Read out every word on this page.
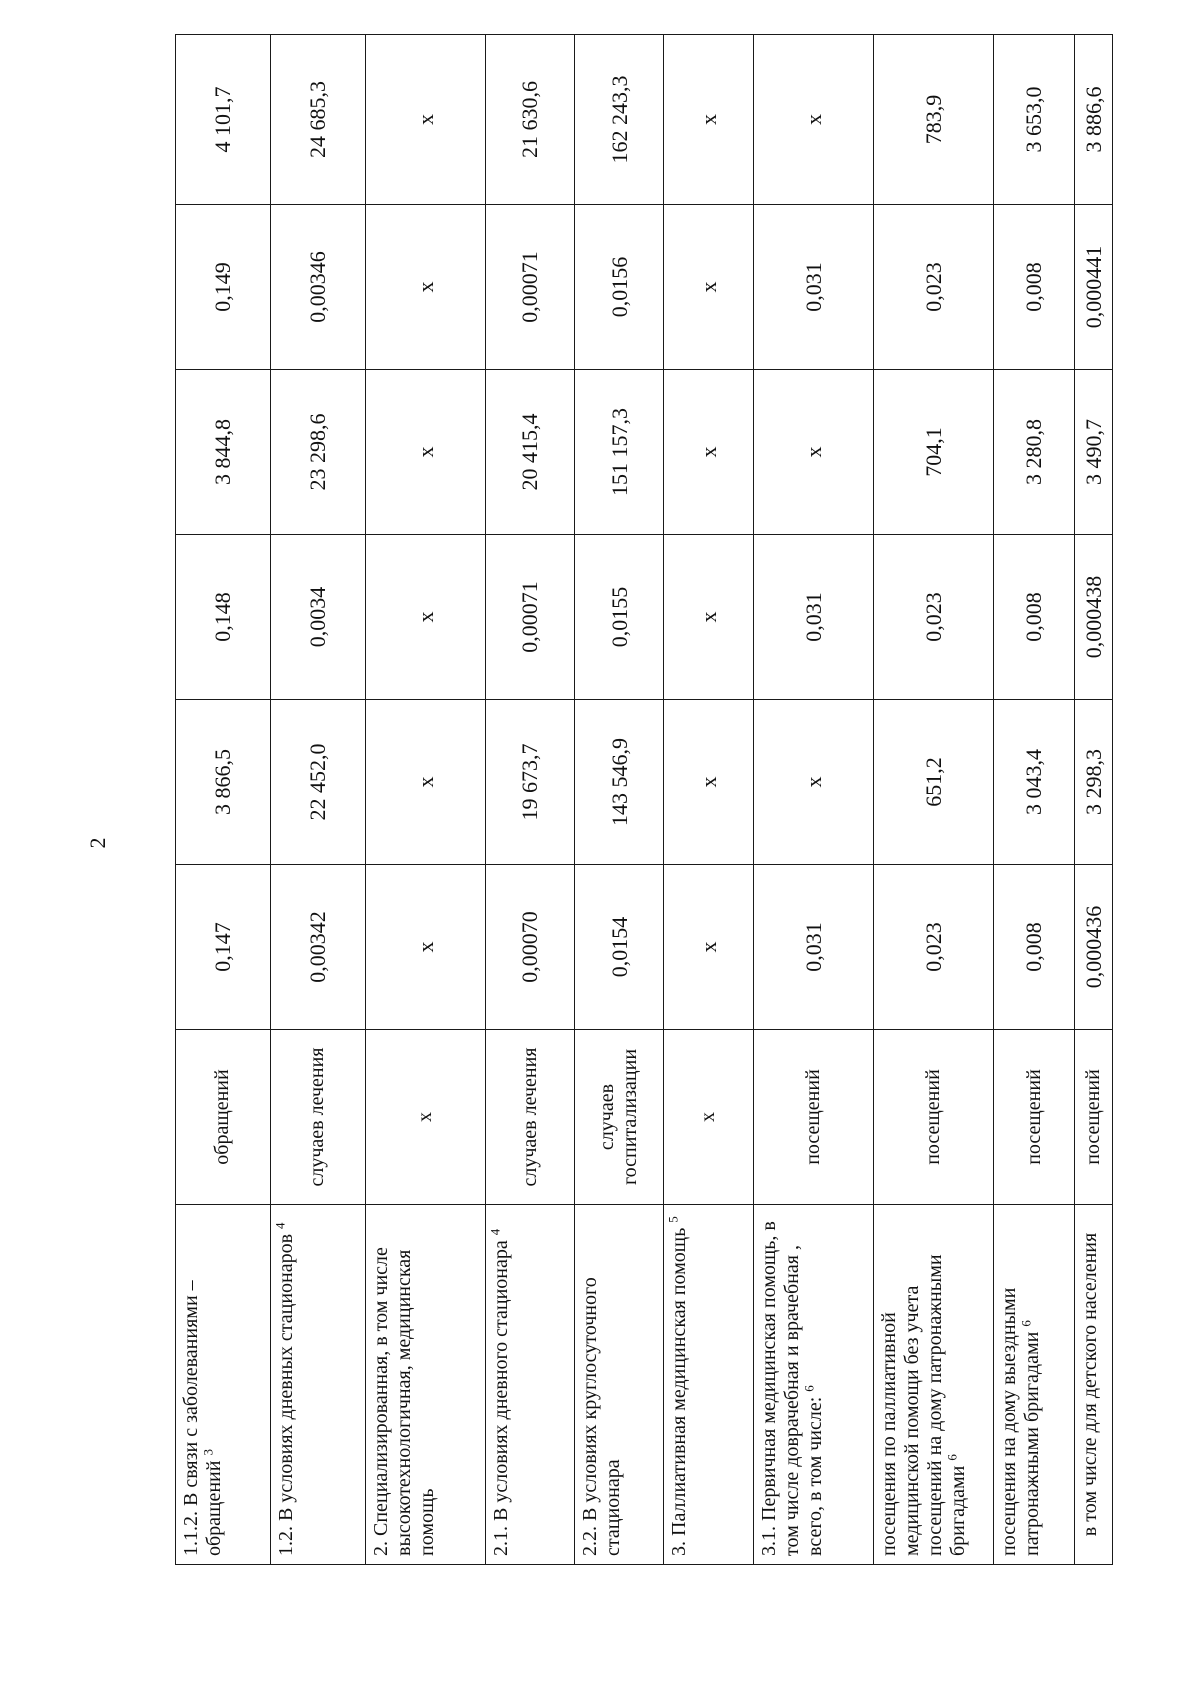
2
1.1.2. В связи с заболеваниями – обращений $^3$	обращений	0,147	3 866,5	0,148	3 844,8	0,149	4 101,7
1.2. В условиях дневных стационаров $^4$	случаев лечения	0,00342	22 452,0	0,0034	23 298,6	0,00346	24 685,3
2. Специализированная, в том числе высокотехнологичная, медицинская помощь	х	х	х	х	х	х	х
2.1. В условиях дневного стационара $^4$	случаев лечения	0,00070	19 673,7	0,00071	20 415,4	0,00071	21 630,6
2.2. В условиях круглосуточного стационара	случаев госпитализации	0,0154	143 546,9	0,0155	151 157,3	0,0156	162 243,3
3. Паллиативная медицинская помощь $^5$	х	х	х	х	х	х	х
3.1. Первичная медицинская помощь, в том числе доврачебная и врачебная , всего, в том числе: $^6$	посещений	0,031	х	0,031	х	0,031	х
посещения по паллиативной медицинской помощи без учета посещений на дому патронажными бригадами $^6$	посещений	0,023	651,2	0,023	704,1	0,023	783,9
посещения на дому выездными патронажными бригадами $^6$	посещений	0,008	3 043,4	0,008	3 280,8	0,008	3 653,0
в том числе для детского населения	посещений	0,000436	3 298,3	0,000438	3 490,7	0,000441	3 886,6
